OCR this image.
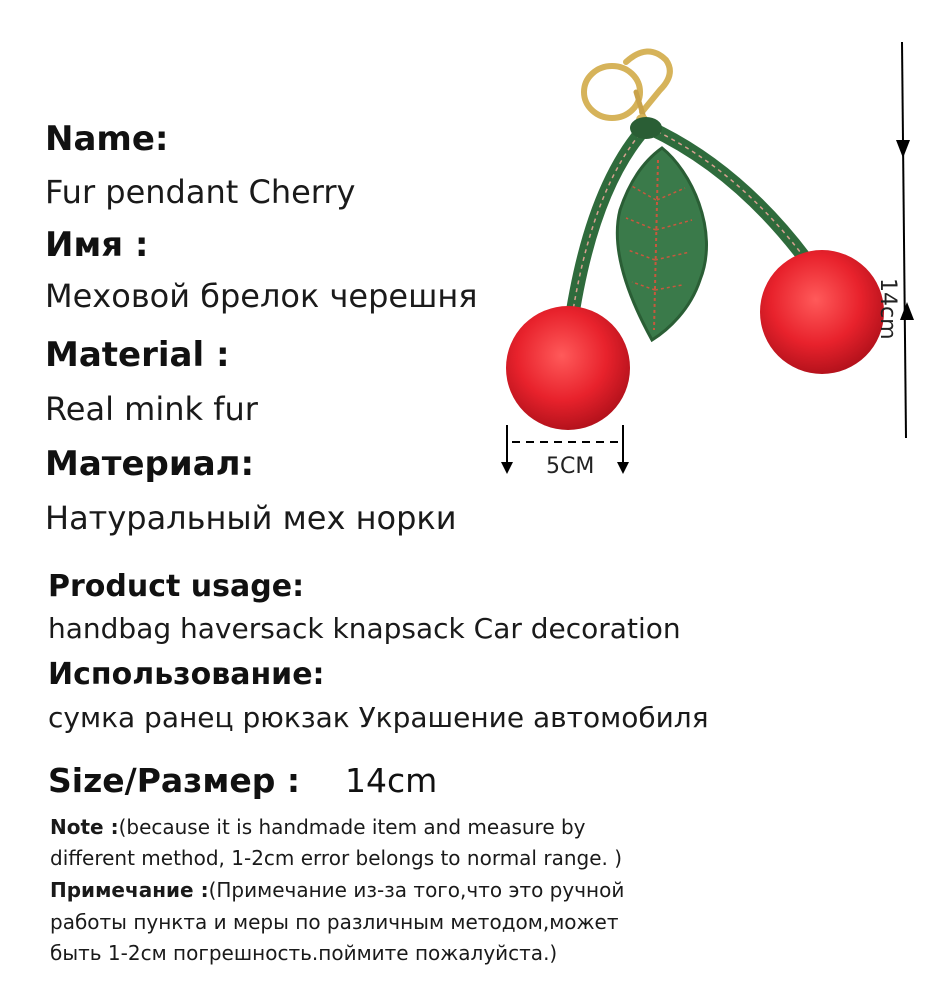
Name:
Fur pendant Cherry
Имя :
Меховой брелок черешня
Material :
Real mink fur
Материал:
Натуральный мех норки
Product usage:
handbag haversack knapsack Car decoration
Использование:
сумка ранец рюкзак Украшение автомобиля
Size/Размер : 14cm
Note :(because it is handmade item and measure by
different method, 1-2cm error belongs to normal range. )
Примечание :(Примечание из-за того,что это ручной
работы пункта и меры по различным методом,может
быть 1-2см погрешность.поймите пожалуйста.)
5CM
14cm
